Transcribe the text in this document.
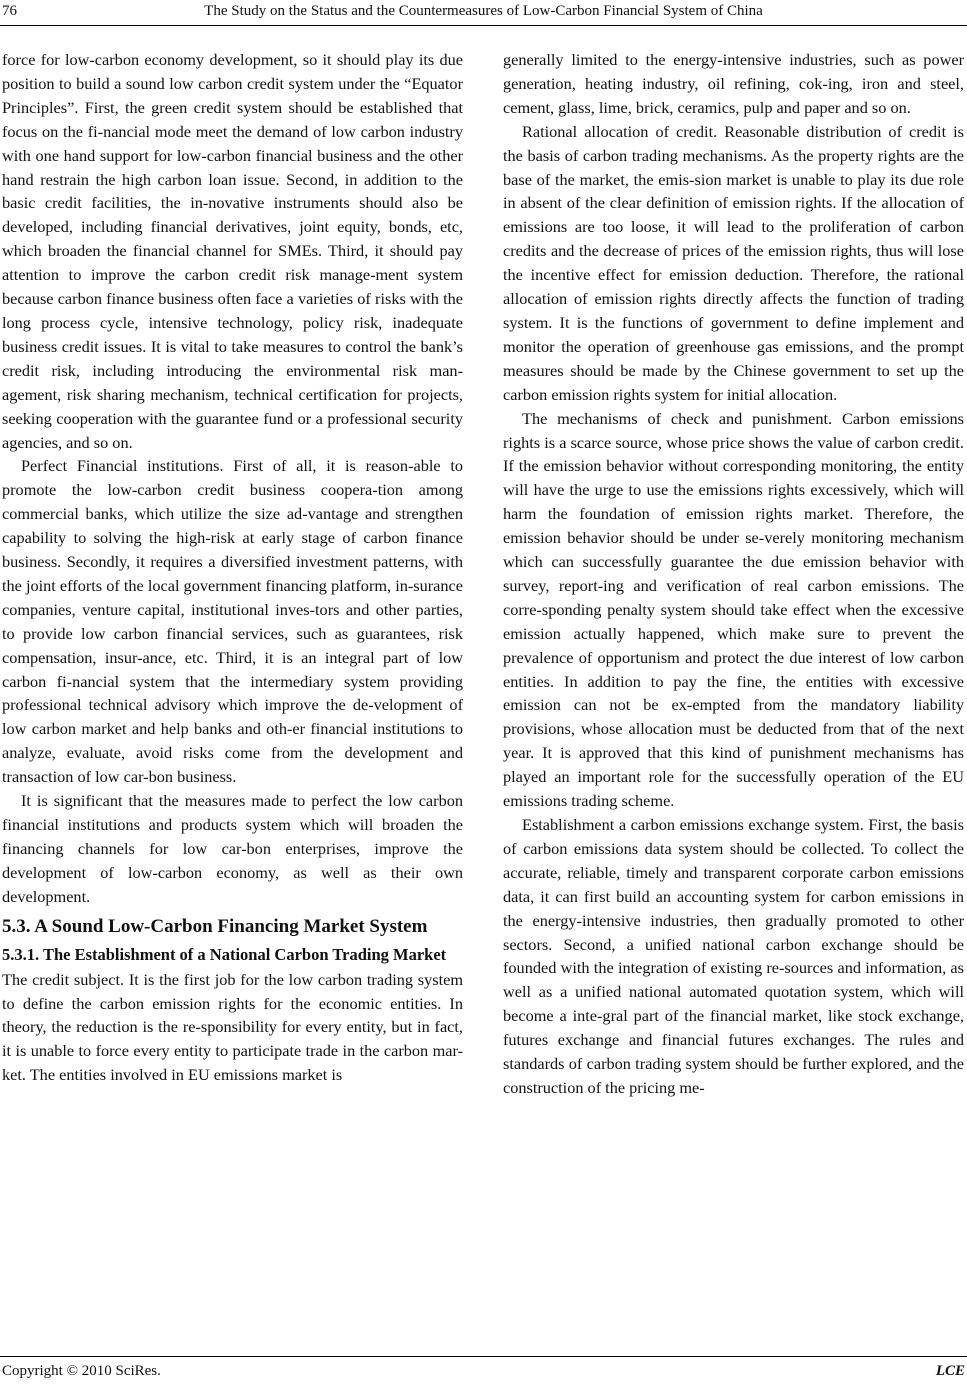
76	The Study on the Status and the Countermeasures of Low-Carbon Financial System of China

force for low-carbon economy development, so it should play its due position to build a sound low carbon credit system under the “Equator Principles”. First, the green credit system should be established that focus on the fi-nancial mode meet the demand of low carbon industry with one hand support for low-carbon financial business and the other hand restrain the high carbon loan issue. Second, in addition to the basic credit facilities, the in-novative instruments should also be developed, including financial derivatives, joint equity, bonds, etc, which broaden the financial channel for SMEs. Third, it should pay attention to improve the carbon credit risk manage-ment system because carbon finance business often face a varieties of risks with the long process cycle, intensive technology, policy risk, inadequate business credit issues. It is vital to take measures to control the bank’s credit risk, including introducing the environmental risk man-agement, risk sharing mechanism, technical certification for projects, seeking cooperation with the guarantee fund or a professional security agencies, and so on.

Perfect Financial institutions. First of all, it is reason-able to promote the low-carbon credit business coopera-tion among commercial banks, which utilize the size ad-vantage and strengthen capability to solving the high-risk at early stage of carbon finance business. Secondly, it requires a diversified investment patterns, with the joint efforts of the local government financing platform, in-surance companies, venture capital, institutional inves-tors and other parties, to provide low carbon financial services, such as guarantees, risk compensation, insur-ance, etc. Third, it is an integral part of low carbon fi-nancial system that the intermediary system providing professional technical advisory which improve the de-velopment of low carbon market and help banks and oth-er financial institutions to analyze, evaluate, avoid risks come from the development and transaction of low car-bon business.

It is significant that the measures made to perfect the low carbon financial institutions and products system which will broaden the financing channels for low car-bon enterprises, improve the development of low-carbon economy, as well as their own development.

5.3. A Sound Low-Carbon Financing Market System
5.3.1. The Establishment of a National Carbon Trading Market

The credit subject. It is the first job for the low carbon trading system to define the carbon emission rights for the economic entities. In theory, the reduction is the re-sponsibility for every entity, but in fact, it is unable to force every entity to participate trade in the carbon mar-ket. The entities involved in EU emissions market is

generally limited to the energy-intensive industries, such as power generation, heating industry, oil refining, cok-ing, iron and steel, cement, glass, lime, brick, ceramics, pulp and paper and so on.

Rational allocation of credit. Reasonable distribution of credit is the basis of carbon trading mechanisms. As the property rights are the base of the market, the emis-sion market is unable to play its due role in absent of the clear definition of emission rights. If the allocation of emissions are too loose, it will lead to the proliferation of carbon credits and the decrease of prices of the emission rights, thus will lose the incentive effect for emission deduction. Therefore, the rational allocation of emission rights directly affects the function of trading system. It is the functions of government to define implement and monitor the operation of greenhouse gas emissions, and the prompt measures should be made by the Chinese government to set up the carbon emission rights system for initial allocation.

The mechanisms of check and punishment. Carbon emissions rights is a scarce source, whose price shows the value of carbon credit. If the emission behavior without corresponding monitoring, the entity will have the urge to use the emissions rights excessively, which will harm the foundation of emission rights market. Therefore, the emission behavior should be under se-verely monitoring mechanism which can successfully guarantee the due emission behavior with survey, report-ing and verification of real carbon emissions. The corre-sponding penalty system should take effect when the excessive emission actually happened, which make sure to prevent the prevalence of opportunism and protect the due interest of low carbon entities. In addition to pay the fine, the entities with excessive emission can not be ex-empted from the mandatory liability provisions, whose allocation must be deducted from that of the next year. It is approved that this kind of punishment mechanisms has played an important role for the successfully operation of the EU emissions trading scheme.

Establishment a carbon emissions exchange system. First, the basis of carbon emissions data system should be collected. To collect the accurate, reliable, timely and transparent corporate carbon emissions data, it can first build an accounting system for carbon emissions in the energy-intensive industries, then gradually promoted to other sectors. Second, a unified national carbon exchange should be founded with the integration of existing re-sources and information, as well as a unified national automated quotation system, which will become a inte-gral part of the financial market, like stock exchange, futures exchange and financial futures exchanges. The rules and standards of carbon trading system should be further explored, and the construction of the pricing me-

Copyright © 2010 SciRes.	LCE
